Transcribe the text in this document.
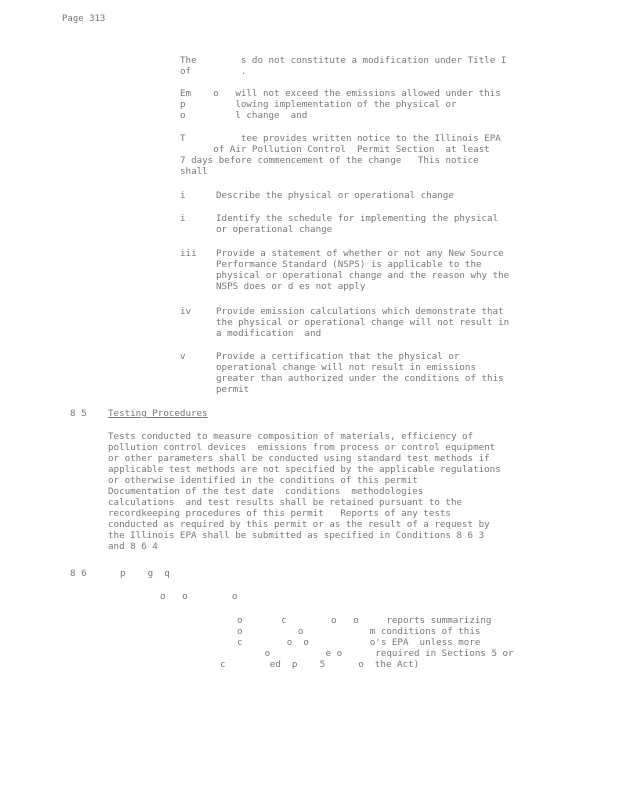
Page 313
The        s do not constitute a modification under Title I
of         .
Em    o   will not exceed the emissions allowed under this
p         lowing implementation of the physical or
o         l change  and
T          tee provides written notice to the Illinois EPA
of Air Pollution Control  Permit Section  at least
7 days before commencement of the change   This notice
shall
i	Describe the physical or operational change
i	Identify the schedule for implementing the physical
or operational change
iii Provide a statement of whether or not any New Source
Performance Standard (NSPS) is applicable to the
physical or operational change and the reason why the
NSPS does or d es not apply
iv	Provide emission calculations which demonstrate that
the physical or operational change will not result in
a modification  and
v	Provide a certification that the physical or
operational change will not result in emissions
greater than authorized under the conditions of this
permit
8 5 Testing Procedures
Tests conducted to measure composition of materials, efficiency of
pollution control devices  emissions from process or control equipment
or other parameters shall be conducted using standard test methods if
applicable test methods are not specified by the applicable regulations
or otherwise identified in the conditions of this permit
Documentation of the test date  conditions  methodologies
calculations  and test results shall be retained pursuant to the
recordkeeping procedures of this permit   Reports of any tests
conducted as required by this permit or as the result of a request by
the Illinois EPA shall be submitted as specified in Conditions 8 6 3
and 8 6 4
8 6	p    g  q
o   o        o
o       c        o   o     reports summarizing
o          o            m conditions of this
c        o  o           o's EPA  unless more
o          e o      required in Sections 5 or
c        ed  p    5      o  the Act)
